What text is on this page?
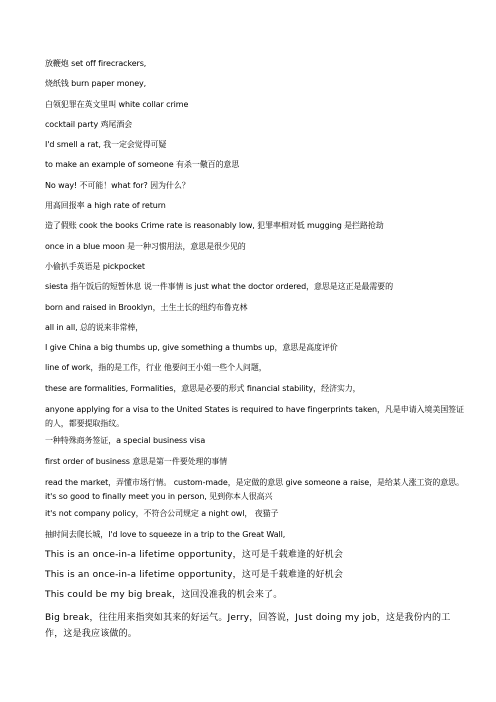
放鞭炮 set off firecrackers,
烧纸钱 burn paper money,
白领犯罪在英文里叫 white collar crime
cocktail party 鸡尾酒会
I'd smell a rat, 我一定会觉得可疑
to make an example of someone 有杀一儆百的意思
No way! 不可能！what for? 因为什么？
用高回报率 a high rate of return
造了假账 cook the books Crime rate is reasonably low, 犯罪率相对低 mugging 是拦路抢劫
once in a blue moon 是一种习惯用法，意思是很少见的
小偷扒手英语是 pickpocket
siesta 指午饭后的短暂休息 说一件事情 is just what the doctor ordered，意思是这正是最需要的
born and raised in Brooklyn，土生土长的纽约布鲁克林
all in all, 总的说来非常棒，
I give China a big thumbs up, give something a thumbs up，意思是高度评价
line of work，指的是工作，行业 他要问王小姐一些个人问题，
these are formalities, Formalities，意思是必要的形式 financial stability，经济实力，
anyone applying for a visa to the United States is required to have fingerprints taken，凡是申请入境美国签证的人，都要提取指纹。
一种特殊商务签证，a special business visa
first order of business 意思是第一件要处理的事情
read the market，弄懂市场行情。 custom-made，是定做的意思 give someone a raise，是给某人涨工资的意思。it's so good to finally meet you in person, 见到你本人很高兴
it's not company policy，不符合公司规定 a night owl， 夜猫子
抽时间去爬长城，I'd love to squeeze in a trip to the Great Wall,
This is an once-in-a lifetime opportunity，这可是千载难逢的好机会
This is an once-in-a lifetime opportunity，这可是千载难逢的好机会
This could be my big break，这回没准我的机会来了。
Big break，往往用来指突如其来的好运气。Jerry，回答说，Just doing my job，这是我份内的工作，这是我应该做的。
